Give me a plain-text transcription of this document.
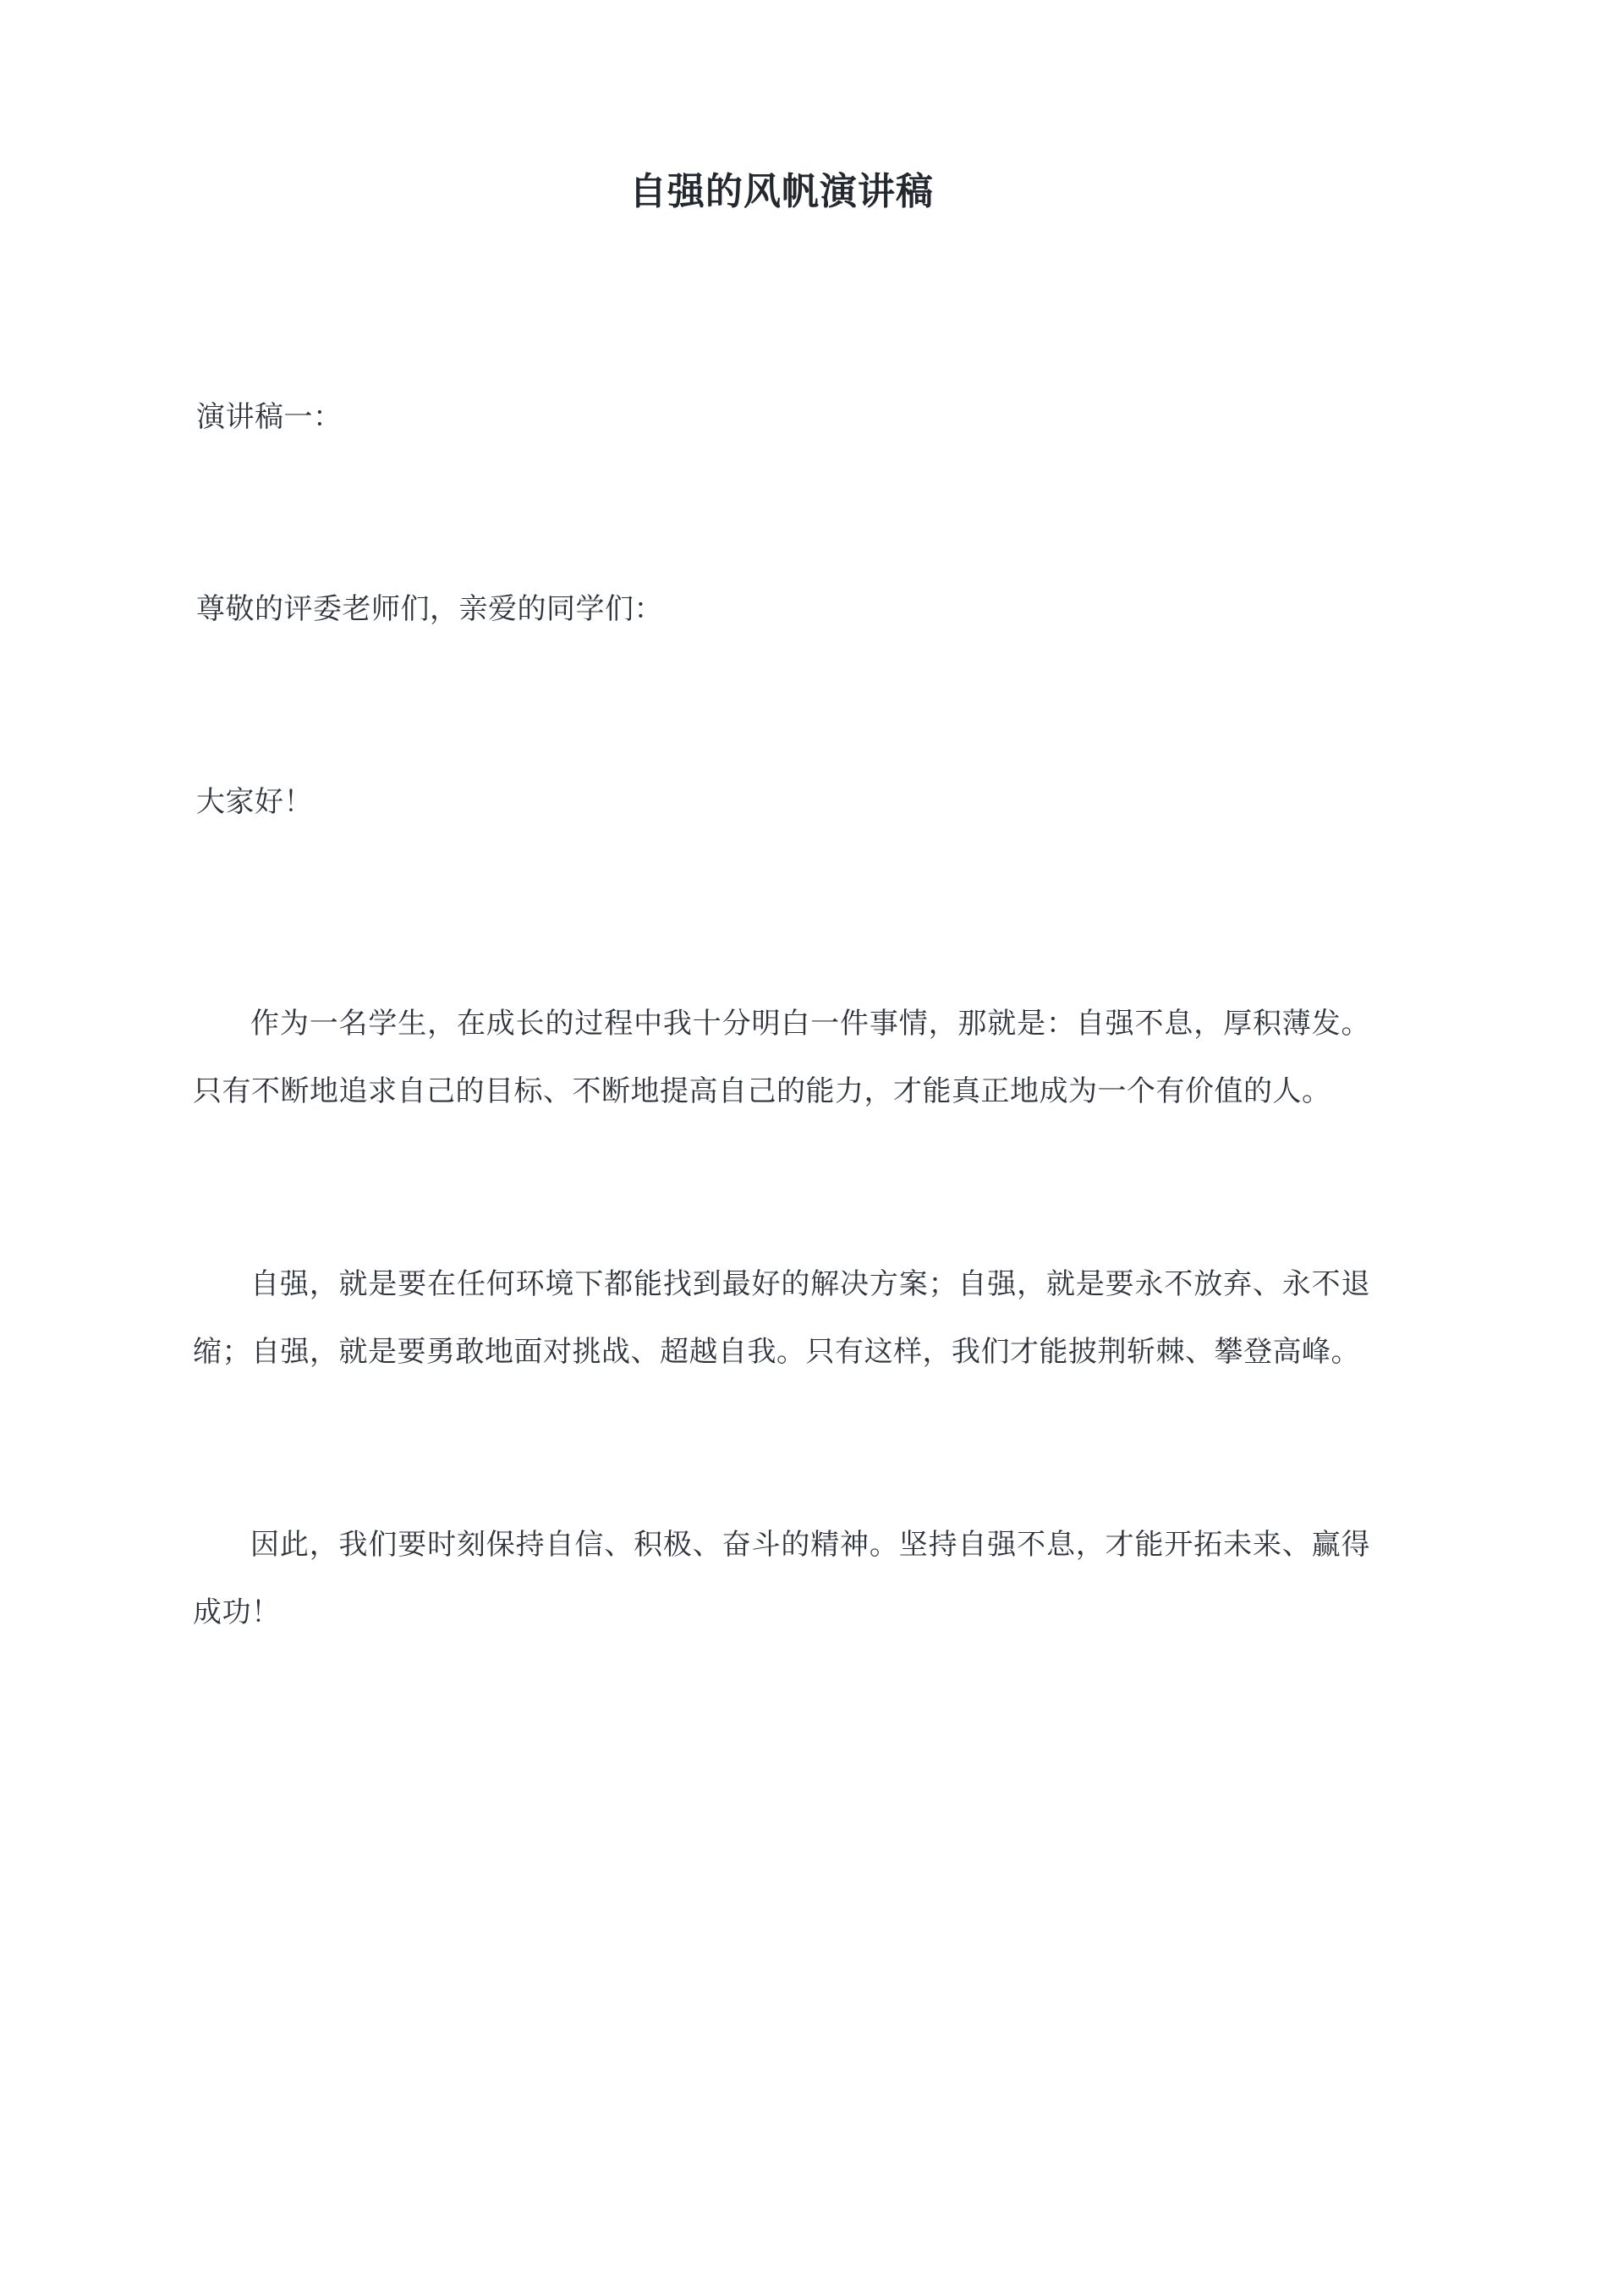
自强的风帆演讲稿

演讲稿一：

尊敬的评委老师们，亲爱的同学们：

大家好！

作为一名学生，在成长的过程中我十分明白一件事情，那就是：自强不息，厚积薄发。只有不断地追求自己的目标、不断地提高自己的能力，才能真正地成为一个有价值的人。

自强，就是要在任何环境下都能找到最好的解决方案；自强，就是要永不放弃、永不退缩；自强，就是要勇敢地面对挑战、超越自我。只有这样，我们才能披荆斩棘、攀登高峰。

因此，我们要时刻保持自信、积极、奋斗的精神。坚持自强不息，才能开拓未来、赢得成功！
